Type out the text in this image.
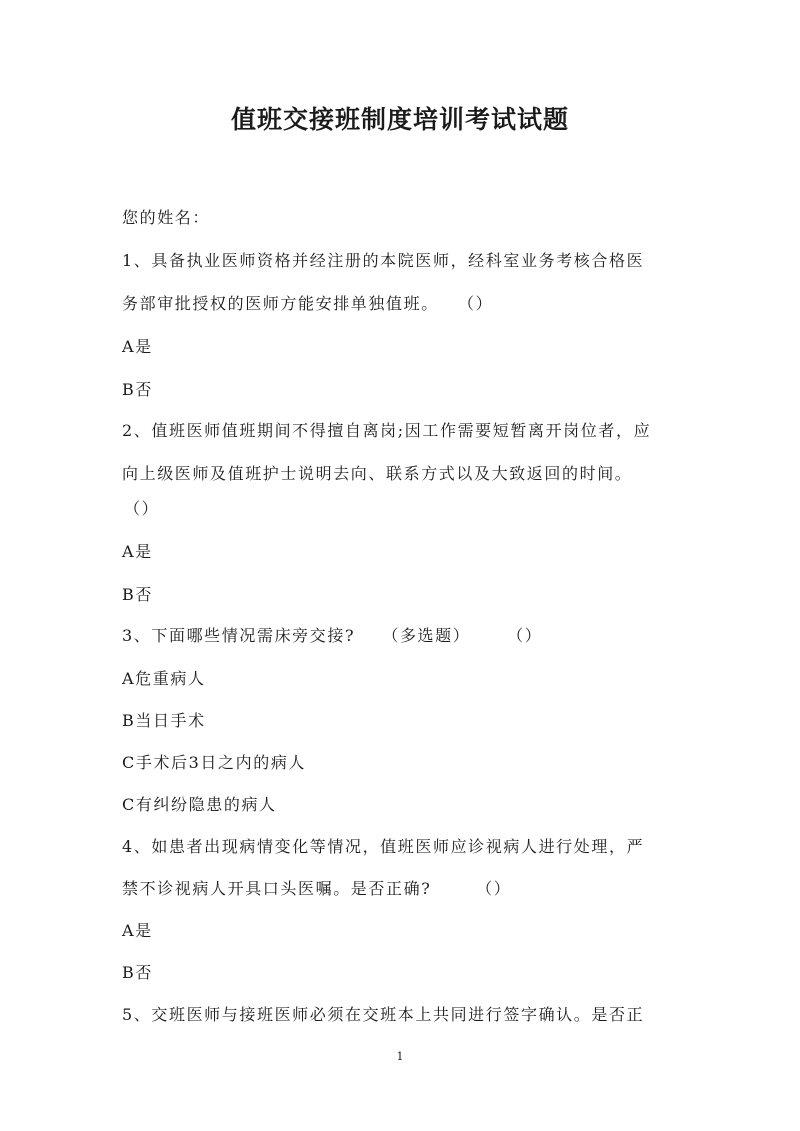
值班交接班制度培训考试试题
您的姓名：
1、具备执业医师资格并经注册的本院医师，经科室业务考核合格医
务部审批授权的医师方能安排单独值班。　　（）
A是
B否
2、值班医师值班期间不得擅自离岗;因工作需要短暂离开岗位者，应
向上级医师及值班护士说明去向、联系方式以及大致返回的时间。
（）
A是
B否
3、下面哪些情况需床旁交接?　　（多选题）　　　（）
A危重病人
B当日手术
C手术后3日之内的病人
C有纠纷隐患的病人
4、如患者出现病情变化等情况，值班医师应诊视病人进行处理，严
禁不诊视病人开具口头医嘱。是否正确?　　　（）
A是
B否
5、交班医师与接班医师必须在交班本上共同进行签字确认。是否正
1
